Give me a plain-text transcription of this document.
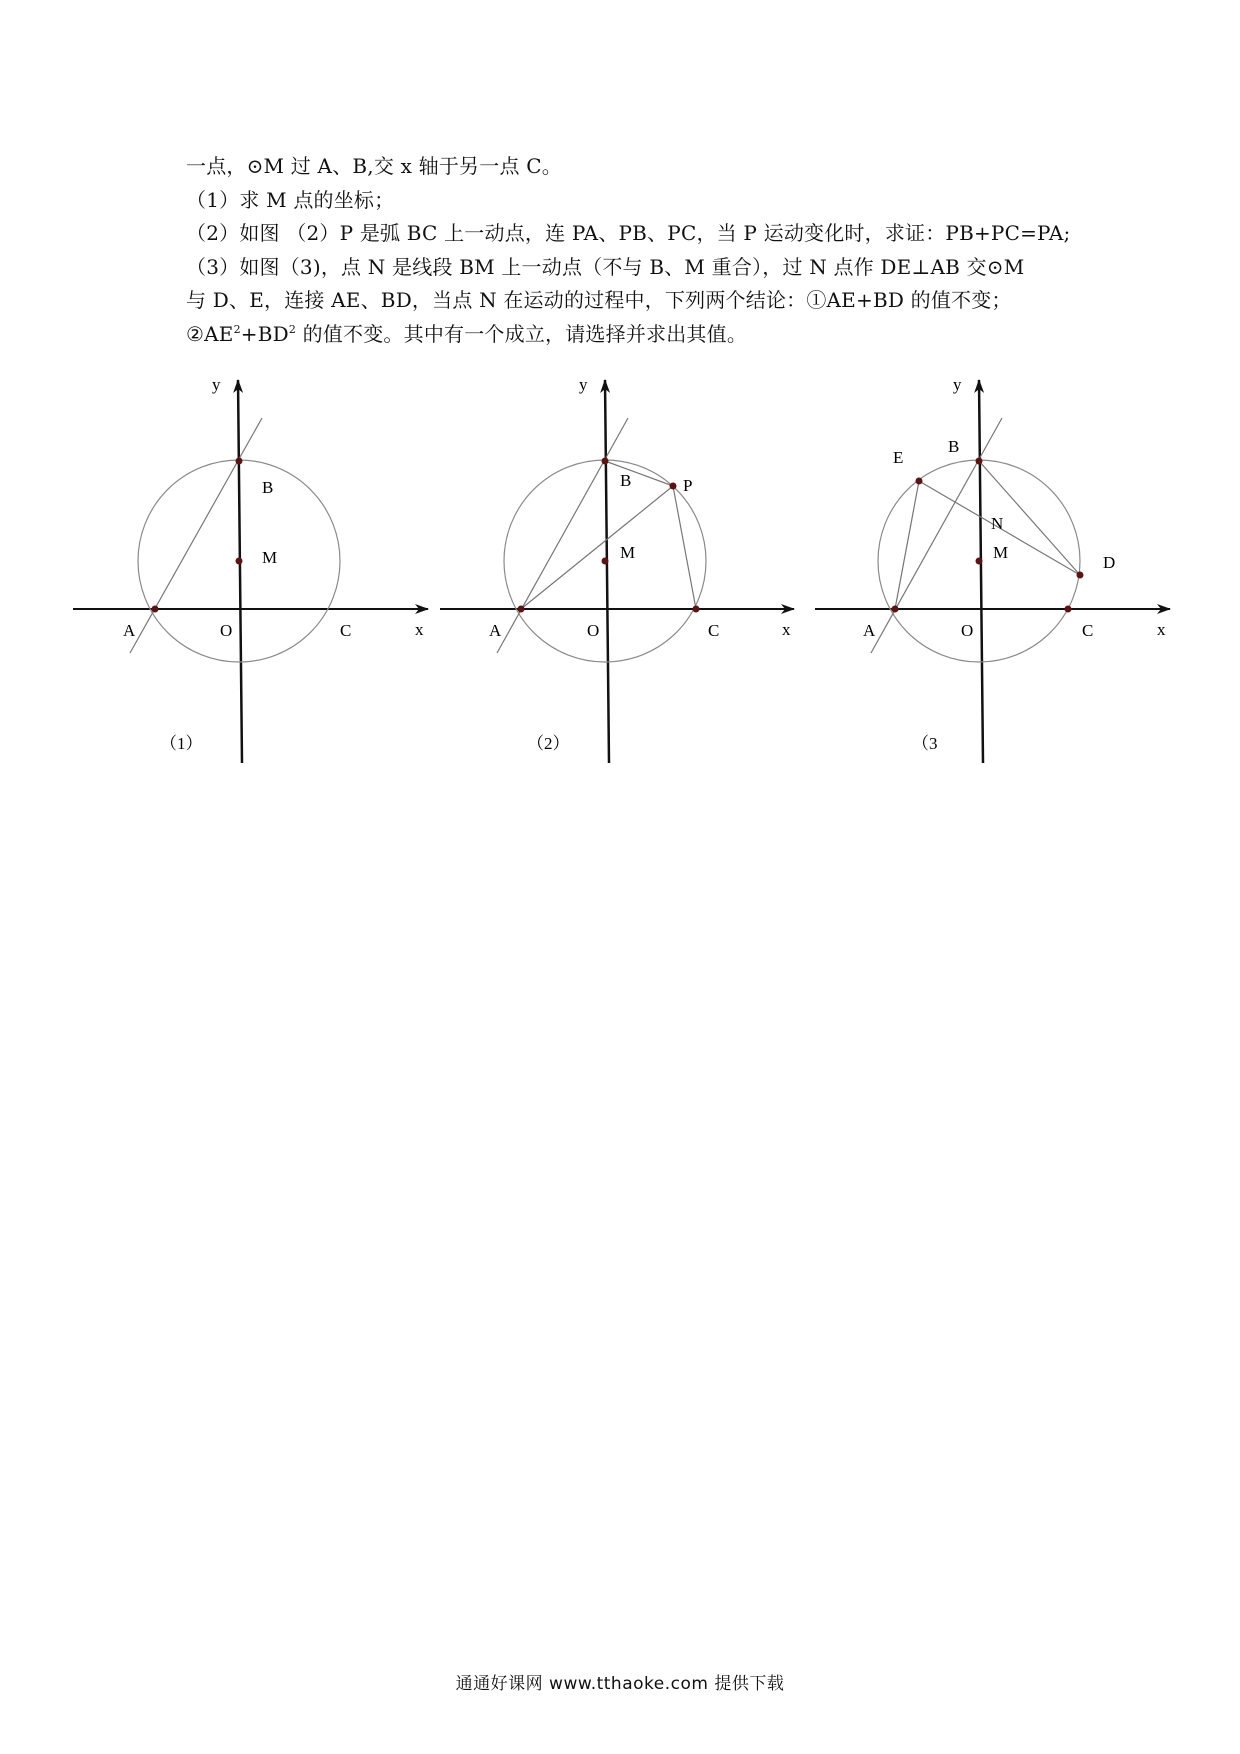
一点，⊙M 过 A、B,交 x 轴于另一点 C。
（1）求 M 点的坐标；
（2）如图 （2）P 是弧 BC 上一动点，连 PA、PB、PC，当 P 运动变化时，求证：PB+PC=PA;
（3）如图（3)，点 N 是线段 BM 上一动点（不与 B、M 重合），过 N 点作 DE⊥AB 交⊙M
与 D、E，连接 AE、BD，当点 N 在运动的过程中，下列两个结论：①AE+BD 的值不变；
$②AE^2+BD^2$ 的值不变。其中有一个成立，请选择并求出其值。
y
x
A	O	C
B
M
（1）
y
x
A	O	C
B
M
P
（2）
y
x
A	O	C
B
E
N
M
D
（3
通通好课网 www.tthaoke.com 提供下载
